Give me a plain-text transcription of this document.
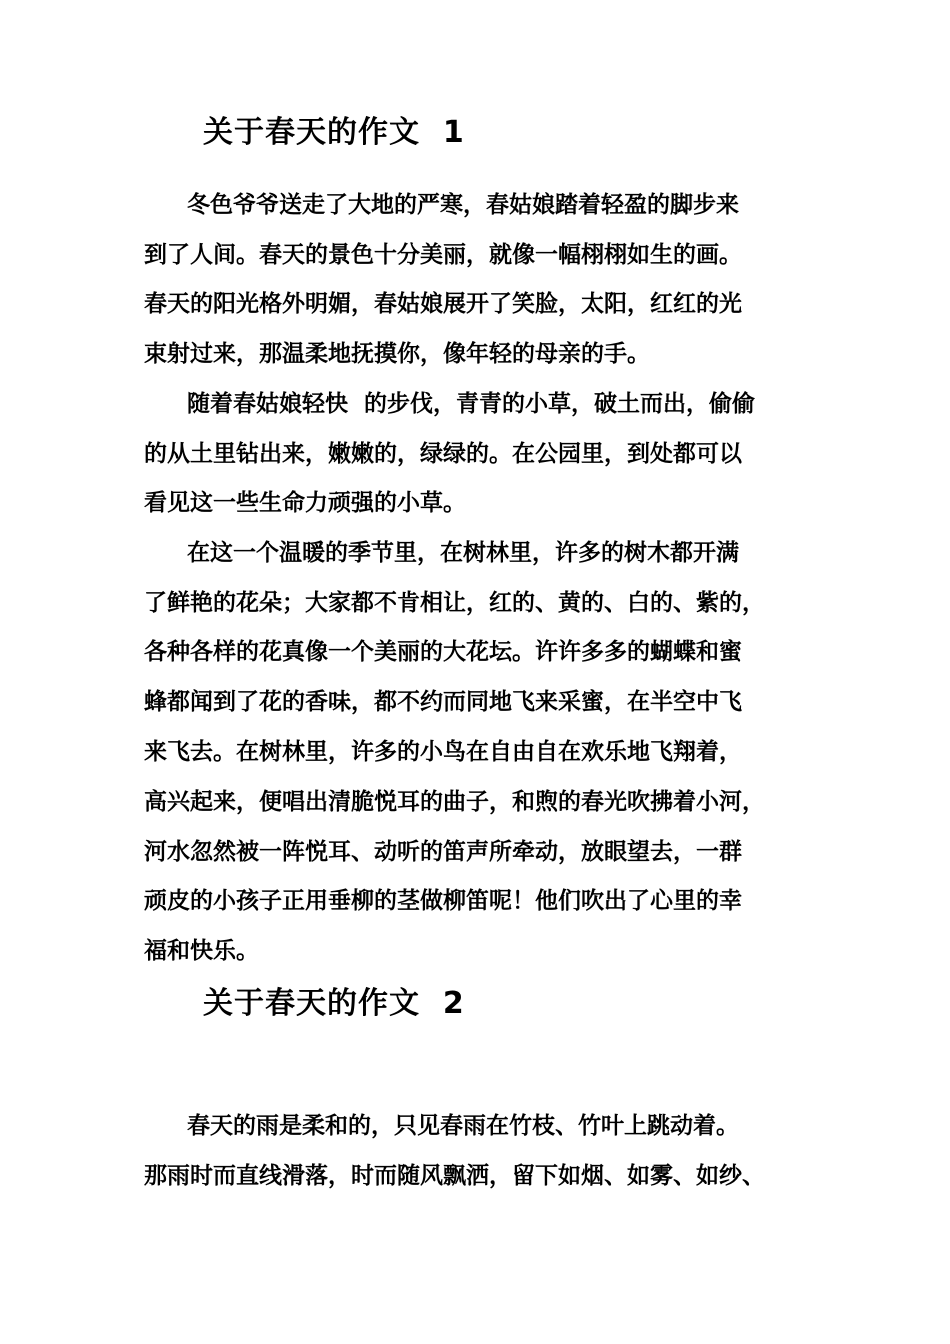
关于春天的作文  1
冬色爷爷送走了大地的严寒，春姑娘踏着轻盈的脚步来
到了人间。春天的景色十分美丽，就像一幅栩栩如生的画。
春天的阳光格外明媚，春姑娘展开了笑脸，太阳，红红的光
束射过来，那温柔地抚摸你，像年轻的母亲的手。
随着春姑娘轻快  的步伐，青青的小草，破土而出，偷偷
的从土里钻出来，嫩嫩的，绿绿的。在公园里，到处都可以
看见这一些生命力顽强的小草。
在这一个温暖的季节里，在树林里，许多的树木都开满
了鲜艳的花朵；大家都不肯相让，红的、黄的、白的、紫的，
各种各样的花真像一个美丽的大花坛。许许多多的蝴蝶和蜜
蜂都闻到了花的香味，都不约而同地飞来采蜜，在半空中飞
来飞去。在树林里，许多的小鸟在自由自在欢乐地飞翔着，
高兴起来，便唱出清脆悦耳的曲子，和煦的春光吹拂着小河，
河水忽然被一阵悦耳、动听的笛声所牵动，放眼望去，一群
顽皮的小孩子正用垂柳的茎做柳笛呢！他们吹出了心里的幸
福和快乐。
关于春天的作文  2
春天的雨是柔和的，只见春雨在竹枝、竹叶上跳动着。
那雨时而直线滑落，时而随风飘洒，留下如烟、如雾、如纱、
